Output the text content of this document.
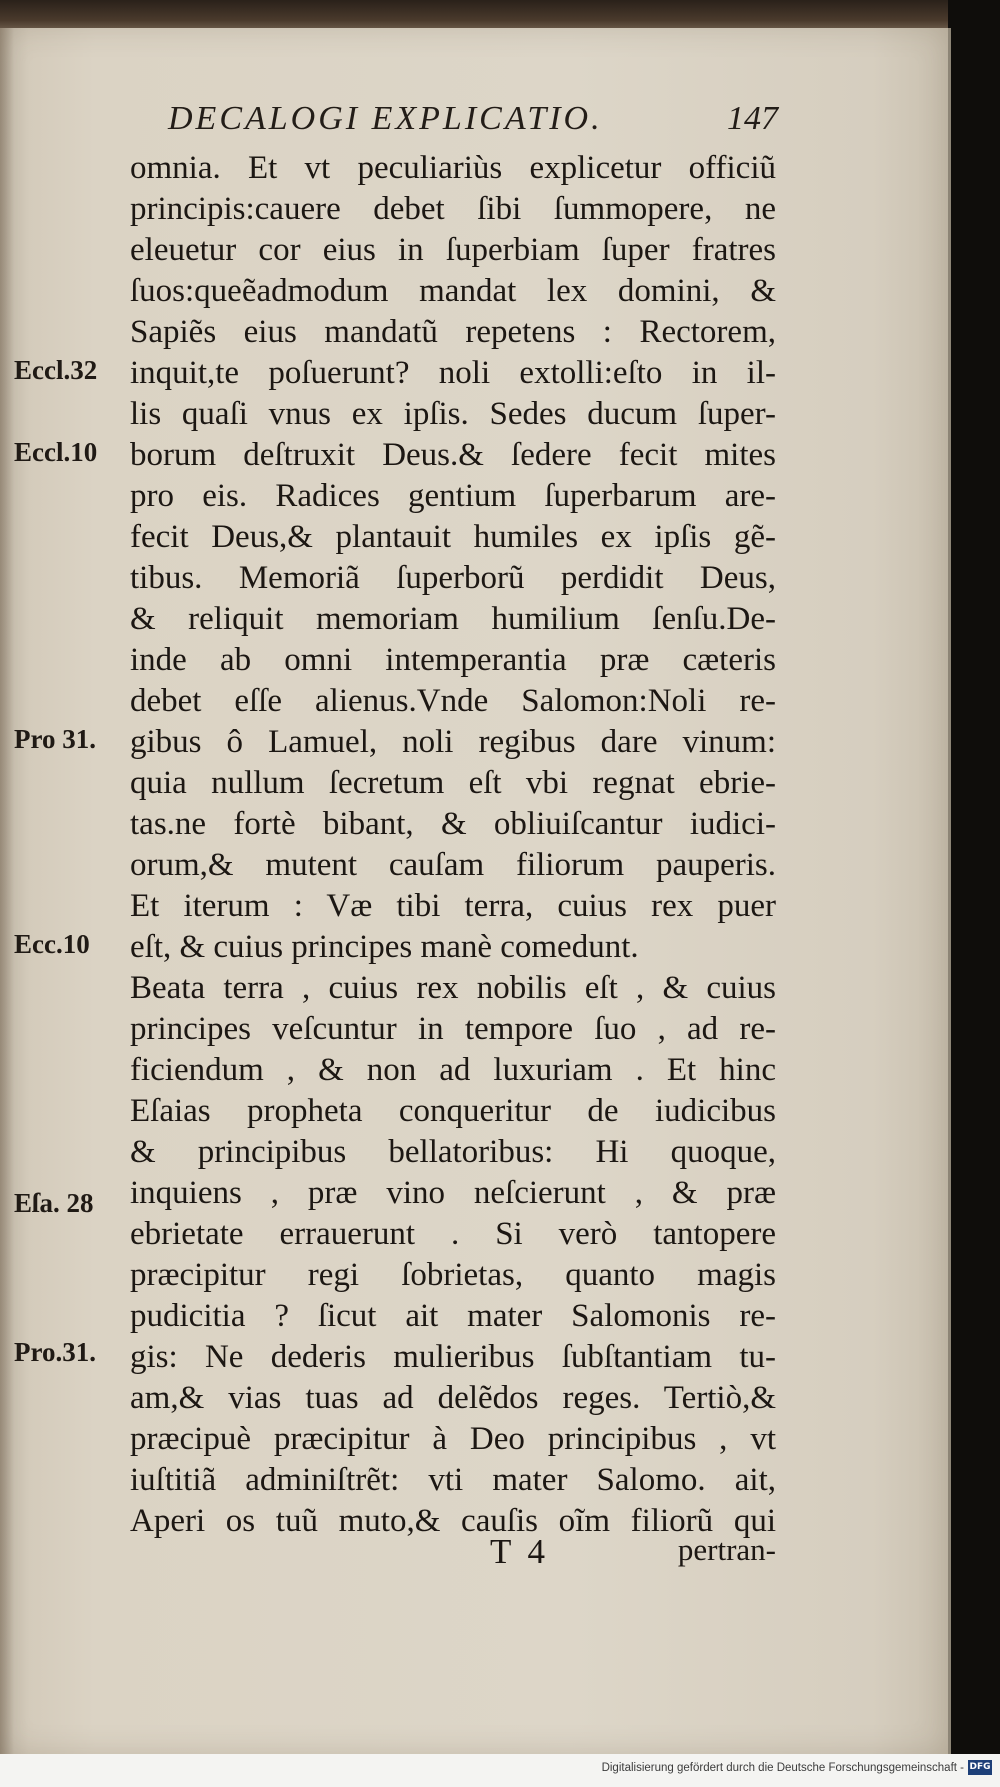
DECALOGI EXPLICATIO.	147
omnia. Et vt peculiariùs explicetur officiũ
principis:cauere debet ſibi ſummopere, ne
eleuetur cor eius in ſuperbiam ſuper fratres
ſuos:queẽadmodum mandat lex domini, &
Sapiẽs eius mandatũ repetens : Rectorem,
inquit,te poſuerunt? noli extolli:eſto in il-
lis quaſi vnus ex ipſis. Sedes ducum ſuper-
borum deſtruxit Deus.& ſedere fecit mites
pro eis. Radices gentium ſuperbarum are-
fecit Deus,& plantauit humiles ex ipſis gẽ-
tibus. Memoriã ſuperborũ perdidit Deus,
& reliquit memoriam humilium ſenſu.De-
inde ab omni intemperantia præ cæteris
debet eſſe alienus.Vnde Salomon:Noli re-
gibus ô Lamuel, noli regibus dare vinum:
quia nullum ſecretum eſt vbi regnat ebrie-
tas.ne fortè bibant, & obliuiſcantur iudici-
orum,& mutent cauſam filiorum pauperis.
Et iterum : Væ tibi terra, cuius rex puer
eſt, & cuius principes manè comedunt.
Beata terra , cuius rex nobilis eſt , & cuius
principes veſcuntur in tempore ſuo , ad re-
ficiendum , & non ad luxuriam . Et hinc
Eſaias propheta conqueritur de iudicibus
& principibus bellatoribus: Hi quoque,
inquiens , præ vino neſcierunt , & præ
ebrietate errauerunt . Si verò tantopere
præcipitur regi ſobrietas, quanto magis
pudicitia ? ſicut ait mater Salomonis re-
gis: Ne dederis mulieribus ſubſtantiam tu-
am,& vias tuas ad delẽdos reges. Tertiò,&
præcipuè præcipitur à Deo principibus , vt
iuſtitiã adminiſtrẽt: vti mater Salomo. ait,
Aperi os tuũ muto,& cauſis oĩm filiorũ qui
Eccl.32
Eccl.10
Pro 31.
Ecc.10
Eſa. 28
Pro.31.
T 4	pertran-
Digitalisierung gefördert durch die Deutsche Forschungsgemeinschaft - DFG
